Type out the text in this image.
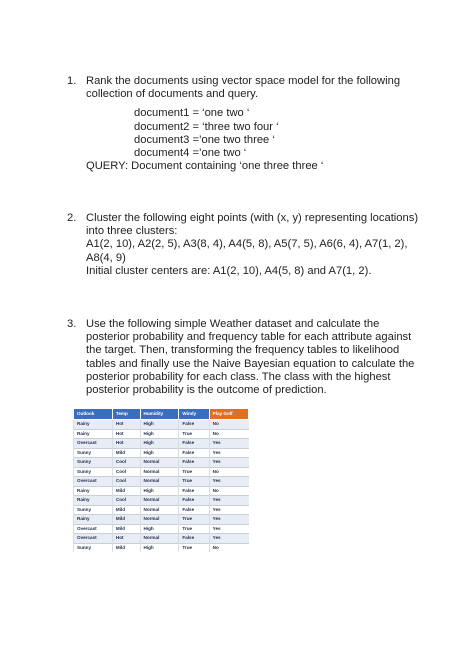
1. Rank the documents using vector space model for the following

collection of documents and query.

document1 = ‘one two ‘
document2 = ‘three two four ‘
document3 =’one two three ‘
document4 =’one two ‘

QUERY: Document containing ‘one three three ‘

2. Cluster the following eight points (with (x, y) representing locations)

into three clusters:

A1(2, 10), A2(2, 5), A3(8, 4), A4(5, 8), A5(7, 5), A6(6, 4), A7(1, 2),

A8(4, 9)

Initial cluster centers are: A1(2, 10), A4(5, 8) and A7(1, 2).

3. Use the following simple Weather dataset and calculate the

posterior probability and frequency table for each attribute against

the target. Then, transforming the frequency tables to likelihood

tables and finally use the Naive Bayesian equation to calculate the

posterior probability for each class. The class with the highest

posterior probability is the outcome of prediction.

Outlook	Temp	Humidity	Windy	Play Golf
Rainy	Hot	High	False	No
Rainy	Hot	High	True	No
Overcast	Hot	High	False	Yes
Sunny	Mild	High	False	Yes
Sunny	Cool	Normal	False	Yes
Sunny	Cool	Normal	True	No
Overcast	Cool	Normal	True	Yes
Rainy	Mild	High	False	No
Rainy	Cool	Normal	False	Yes
Sunny	Mild	Normal	False	Yes
Rainy	Mild	Normal	True	Yes
Overcast	Mild	High	True	Yes
Overcast	Hot	Normal	False	Yes
Sunny	Mild	High	True	No
